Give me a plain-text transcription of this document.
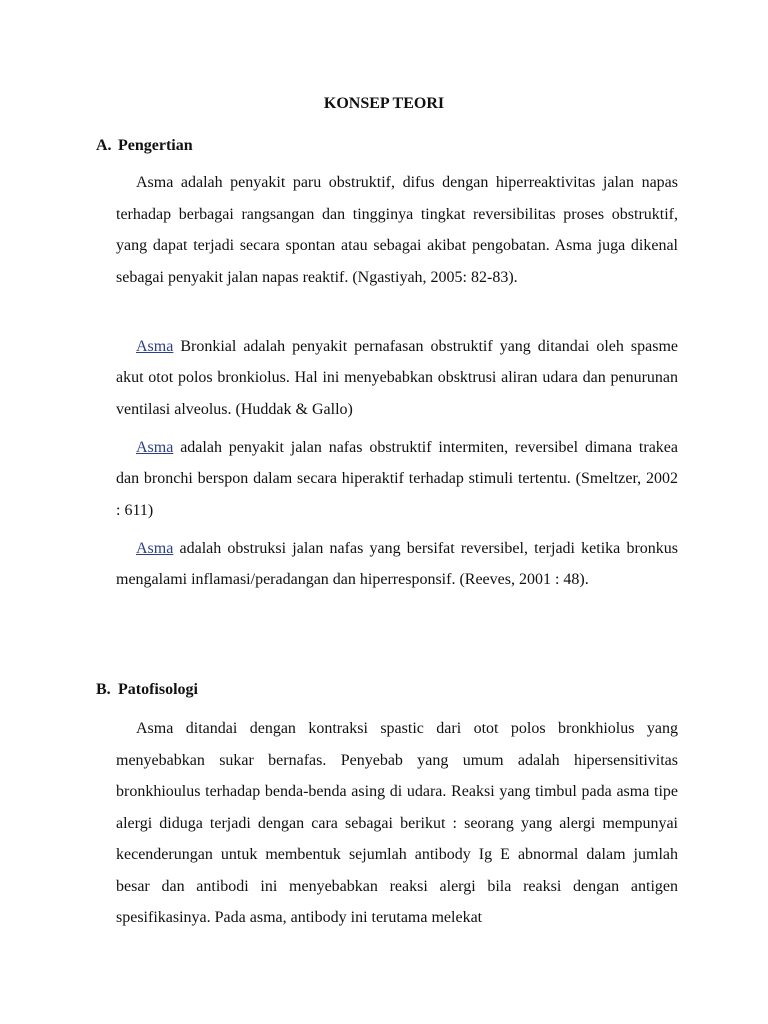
KONSEP TEORI
A. Pengertian

Asma adalah penyakit paru obstruktif, difus dengan hiperreaktivitas jalan napas terhadap berbagai rangsangan dan tingginya tingkat reversibilitas proses obstruktif, yang dapat terjadi secara spontan atau sebagai akibat pengobatan. Asma juga dikenal sebagai penyakit jalan napas reaktif. (Ngastiyah, 2005: 82-83).

Asma Bronkial adalah penyakit pernafasan obstruktif yang ditandai oleh spasme akut otot polos bronkiolus. Hal ini menyebabkan obsktrusi aliran udara dan penurunan ventilasi alveolus. (Huddak & Gallo)

Asma adalah penyakit jalan nafas obstruktif intermiten, reversibel dimana trakea dan bronchi berspon dalam secara hiperaktif terhadap stimuli tertentu. (Smeltzer, 2002 : 611)

Asma adalah obstruksi jalan nafas yang bersifat reversibel, terjadi ketika bronkus mengalami inflamasi/peradangan dan hiperresponsif. (Reeves, 2001 : 48).

B. Patofisologi

Asma ditandai dengan kontraksi spastic dari otot polos bronkhiolus yang menyebabkan sukar bernafas. Penyebab yang umum adalah hipersensitivitas bronkhioulus terhadap benda-benda asing di udara. Reaksi yang timbul pada asma tipe alergi diduga terjadi dengan cara sebagai berikut : seorang yang alergi mempunyai kecenderungan untuk membentuk sejumlah antibody Ig E abnormal dalam jumlah besar dan antibodi ini menyebabkan reaksi alergi bila reaksi dengan antigen spesifikasinya. Pada asma, antibody ini terutama melekat
